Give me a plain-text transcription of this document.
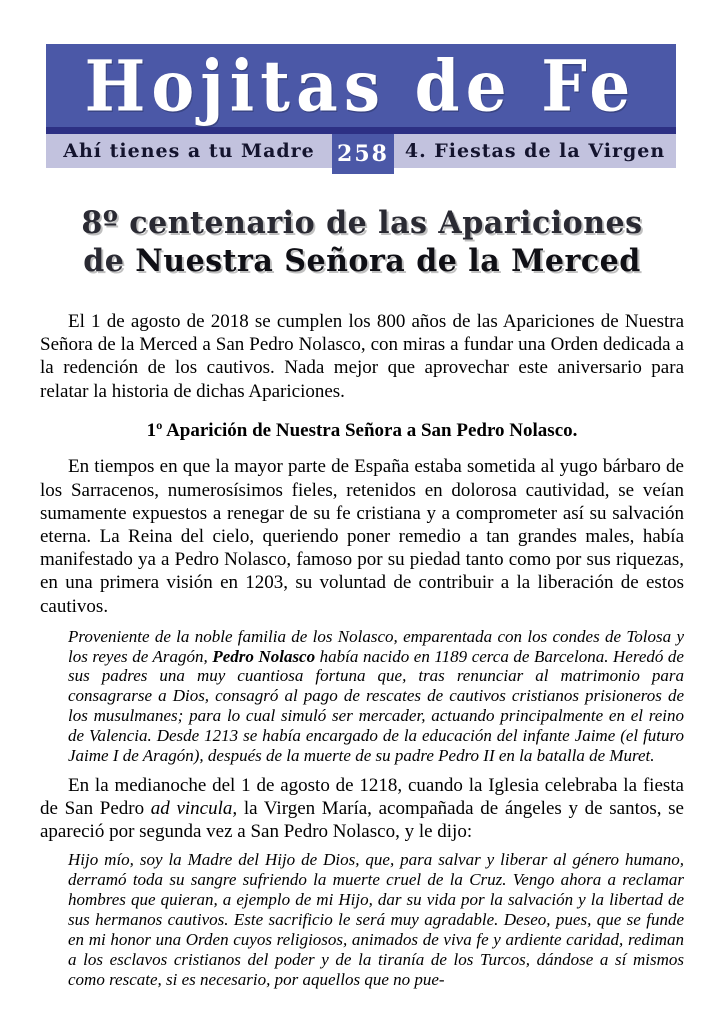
Hojitas de Fe
Ahí tienes a tu Madre	258 4. Fiestas de la Virgen
8º centenario de las Apariciones
de Nuestra Señora de la Merced

El 1 de agosto de 2018 se cumplen los 800 años de las Apariciones de Nuestra Señora de la Merced a San Pedro Nolasco, con miras a fundar una Orden dedicada a la redención de los cautivos. Nada mejor que aprovechar este aniversario para relatar la historia de dichas Apariciones.

1º Aparición de Nuestra Señora a San Pedro Nolasco.

En tiempos en que la mayor parte de España estaba sometida al yugo bárbaro de los Sarracenos, numerosísimos fieles, retenidos en dolorosa cautividad, se veían sumamente expuestos a renegar de su fe cristiana y a comprometer así su salvación eterna. La Reina del cielo, queriendo poner remedio a tan grandes males, había manifestado ya a Pedro Nolasco, famoso por su piedad tanto como por sus riquezas, en una primera visión en 1203, su voluntad de contribuir a la liberación de estos cautivos.

Proveniente de la noble familia de los Nolasco, emparentada con los condes de Tolosa y los reyes de Aragón, Pedro Nolasco había nacido en 1189 cerca de Barcelona. Heredó de sus padres una muy cuantiosa fortuna que, tras renunciar al matrimonio para consagrarse a Dios, consagró al pago de rescates de cautivos cristianos prisioneros de los musulmanes; para lo cual simuló ser mercader, actuando principalmente en el reino de Valencia. Desde 1213 se había encargado de la educación del infante Jaime (el futuro Jaime I de Aragón), después de la muerte de su padre Pedro II en la batalla de Muret.

En la medianoche del 1 de agosto de 1218, cuando la Iglesia celebraba la fiesta de San Pedro ad vincula, la Virgen María, acompañada de ángeles y de santos, se apareció por segunda vez a San Pedro Nolasco, y le dijo:

Hijo mío, soy la Madre del Hijo de Dios, que, para salvar y liberar al género humano, derramó toda su sangre sufriendo la muerte cruel de la Cruz. Vengo ahora a reclamar hombres que quieran, a ejemplo de mi Hijo, dar su vida por la salvación y la libertad de sus hermanos cautivos. Este sacrificio le será muy agradable. Deseo, pues, que se funde en mi honor una Orden cuyos religiosos, animados de viva fe y ardiente caridad, rediman a los esclavos cristianos del poder y de la tiranía de los Turcos, dándose a sí mismos como rescate, si es necesario, por aquellos que no pue-
